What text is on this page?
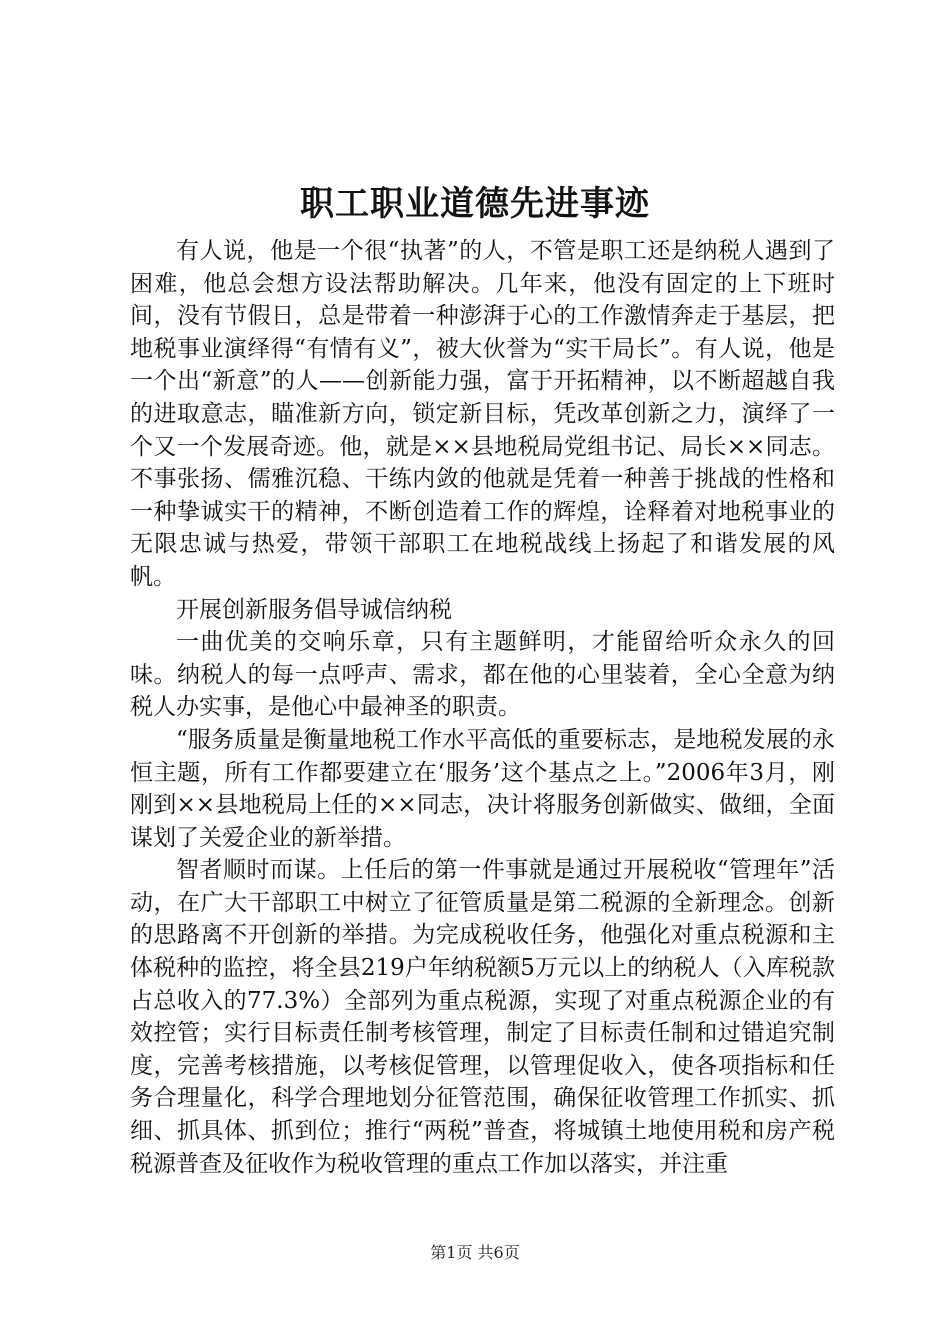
职工职业道德先进事迹

有人说，他是一个很“执著”的人，不管是职工还是纳税人遇到了困难，他总会想方设法帮助解决。几年来，他没有固定的上下班时间，没有节假日，总是带着一种澎湃于心的工作激情奔走于基层，把地税事业演绎得“有情有义”，被大伙誉为“实干局长”。有人说，他是一个出“新意”的人——创新能力强，富于开拓精神，以不断超越自我的进取意志，瞄准新方向，锁定新目标，凭改革创新之力，演绎了一个又一个发展奇迹。他，就是××县地税局党组书记、局长××同志。不事张扬、儒雅沉稳、干练内敛的他就是凭着一种善于挑战的性格和一种挚诚实干的精神，不断创造着工作的辉煌，诠释着对地税事业的无限忠诚与热爱，带领干部职工在地税战线上扬起了和谐发展的风帆。

开展创新服务倡导诚信纳税

一曲优美的交响乐章，只有主题鲜明，才能留给听众永久的回味。纳税人的每一点呼声、需求，都在他的心里装着，全心全意为纳税人办实事，是他心中最神圣的职责。

“服务质量是衡量地税工作水平高低的重要标志，是地税发展的永恒主题，所有工作都要建立在‘服务’这个基点之上。”2006年3月，刚刚到××县地税局上任的××同志，决计将服务创新做实、做细，全面谋划了关爱企业的新举措。

智者顺时而谋。上任后的第一件事就是通过开展税收“管理年”活动，在广大干部职工中树立了征管质量是第二税源的全新理念。创新的思路离不开创新的举措。为完成税收任务，他强化对重点税源和主体税种的监控，将全县219户年纳税额5万元以上的纳税人（入库税款占总收入的77.3%）全部列为重点税源，实现了对重点税源企业的有效控管；实行目标责任制考核管理，制定了目标责任制和过错追究制度，完善考核措施，以考核促管理，以管理促收入，使各项指标和任务合理量化，科学合理地划分征管范围，确保征收管理工作抓实、抓细、抓具体、抓到位；推行“两税”普查，将城镇土地使用税和房产税税源普查及征收作为税收管理的重点工作加以落实，并注重

第1页 共6页
